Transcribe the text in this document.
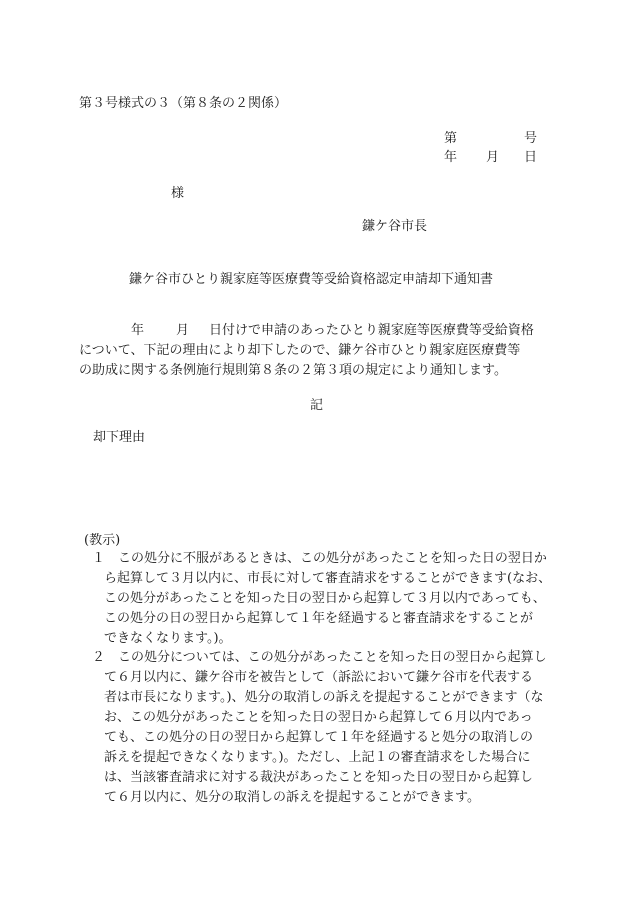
第３号様式の３（第８条の２関係）
第	号
年 月 日
様
鎌ケ谷市長
鎌ケ谷市ひとり親家庭等医療費等受給資格認定申請却下通知書
年 月 日付けで申請のあったひとり親家庭等医療費等受給資格
について、下記の理由により却下したので、鎌ケ谷市ひとり親家庭医療費等
の助成に関する条例施行規則第８条の２第３項の規定により通知します。
記
却下理由
(教示)
１ この処分に不服があるときは、この処分があったことを知った日の翌日か
ら起算して３月以内に、市長に対して審査請求をすることができます(なお、
この処分があったことを知った日の翌日から起算して３月以内であっても、
この処分の日の翌日から起算して１年を経過すると審査請求をすることが
できなくなります。)。
２ この処分については、この処分があったことを知った日の翌日から起算し
て６月以内に、鎌ケ谷市を被告として（訴訟において鎌ケ谷市を代表する
者は市長になります。)、処分の取消しの訴えを提起することができます（な
お、この処分があったことを知った日の翌日から起算して６月以内であっ
ても、この処分の日の翌日から起算して１年を経過すると処分の取消しの
訴えを提起できなくなります。)。ただし、上記１の審査請求をした場合に
は、当該審査請求に対する裁決があったことを知った日の翌日から起算し
て６月以内に、処分の取消しの訴えを提起することができます。
